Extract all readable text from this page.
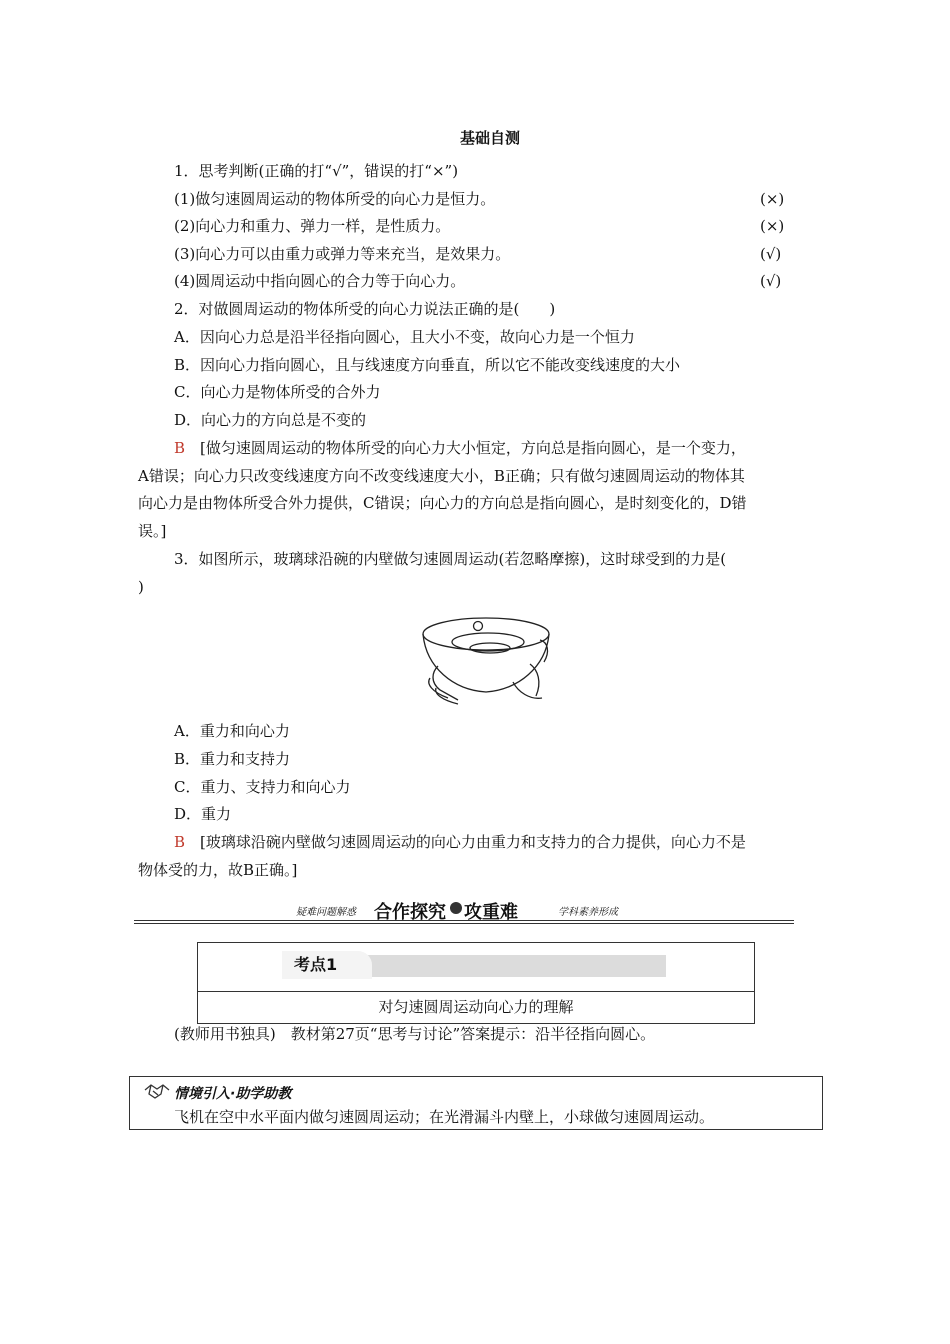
基础自测
1．思考判断(正确的打“√”，错误的打“×”)
(1)做匀速圆周运动的物体所受的向心力是恒力。	(×)
(2)向心力和重力、弹力一样，是性质力。	(×)
(3)向心力可以由重力或弹力等来充当，是效果力。	(√)
(4)圆周运动中指向圆心的合力等于向心力。	(√)
2．对做圆周运动的物体所受的向心力说法正确的是(　　)
A．因向心力总是沿半径指向圆心，且大小不变，故向心力是一个恒力
B．因向心力指向圆心，且与线速度方向垂直，所以它不能改变线速度的大小
C．向心力是物体所受的合外力
D．向心力的方向总是不变的
B [做匀速圆周运动的物体所受的向心力大小恒定，方向总是指向圆心，是一个变力，
A错误；向心力只改变线速度方向不改变线速度大小，B正确；只有做匀速圆周运动的物体其
向心力是由物体所受合外力提供，C错误；向心力的方向总是指向圆心，是时刻变化的，D错
误。]
3．如图所示，玻璃球沿碗的内壁做匀速圆周运动(若忽略摩擦)，这时球受到的力是(
)
A．重力和向心力
B．重力和支持力
C．重力、支持力和向心力
D．重力
B [玻璃球沿碗内壁做匀速圆周运动的向心力由重力和支持力的合力提供，向心力不是
物体受的力，故B正确。]
疑难问题解惑 合作探究 攻重难	学科素养形成
考点1
对匀速圆周运动向心力的理解
(教师用书独具)　教材第27页“思考与讨论”答案提示：沿半径指向圆心。
情境引入·助学助教
飞机在空中水平面内做匀速圆周运动；在光滑漏斗内壁上，小球做匀速圆周运动。
